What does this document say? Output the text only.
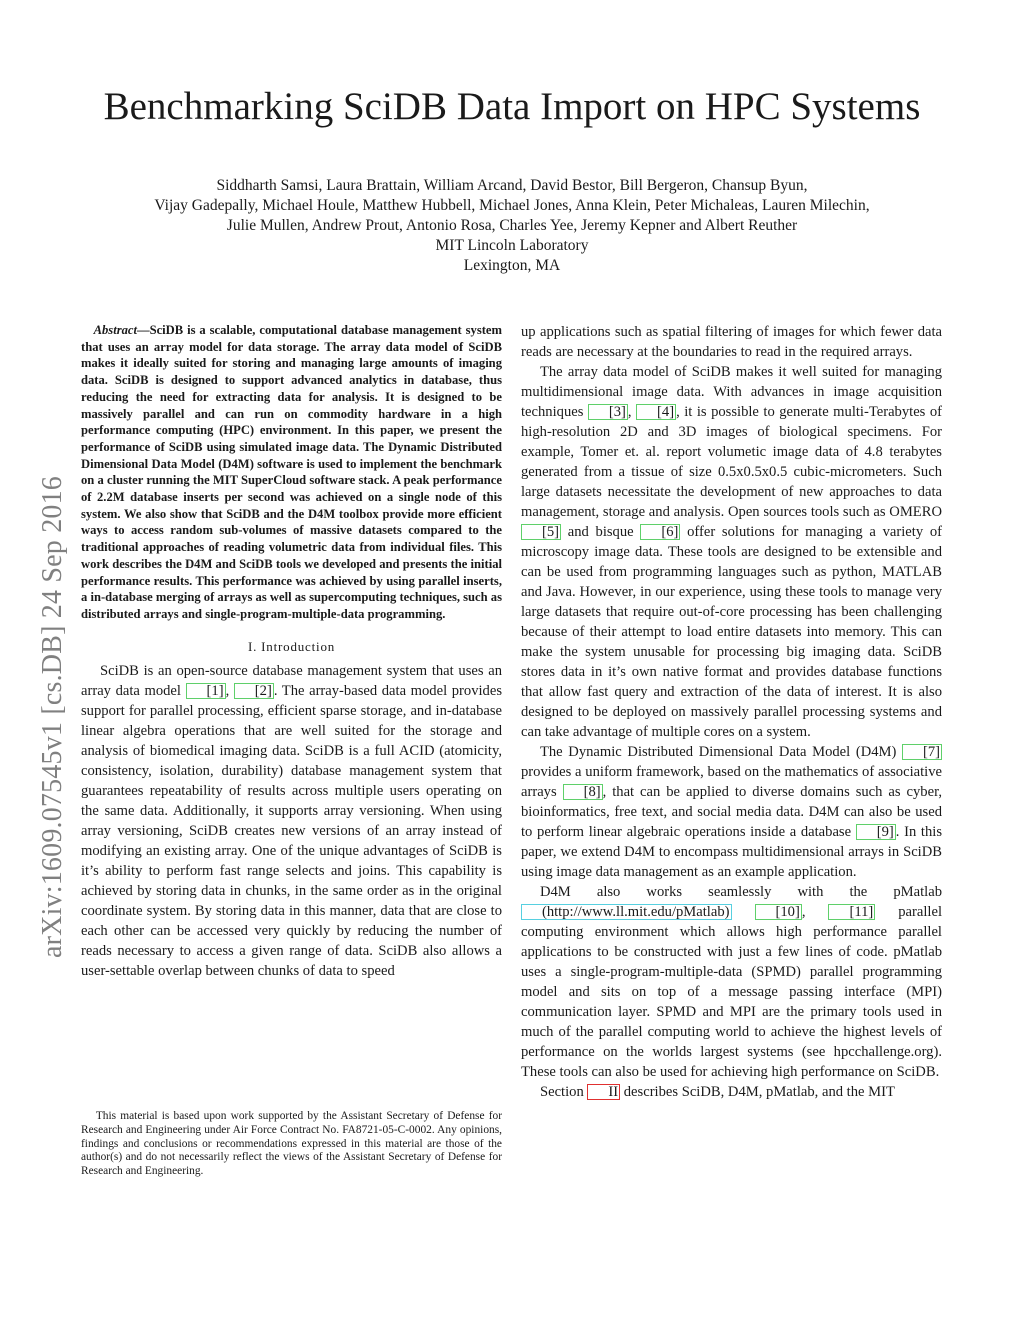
Benchmarking SciDB Data Import on HPC Systems
Siddharth Samsi, Laura Brattain, William Arcand, David Bestor, Bill Bergeron, Chansup Byun,
Vijay Gadepally, Michael Houle, Matthew Hubbell, Michael Jones, Anna Klein, Peter Michaleas, Lauren Milechin,
Julie Mullen, Andrew Prout, Antonio Rosa, Charles Yee, Jeremy Kepner and Albert Reuther
MIT Lincoln Laboratory
Lexington, MA
arXiv:1609.07545v1 [cs.DB] 24 Sep 2016
Abstract—SciDB is a scalable, computational database management system that uses an array model for data storage. The array data model of SciDB makes it ideally suited for storing and managing large amounts of imaging data. SciDB is designed to support advanced analytics in database, thus reducing the need for extracting data for analysis. It is designed to be massively parallel and can run on commodity hardware in a high performance computing (HPC) environment. In this paper, we present the performance of SciDB using simulated image data. The Dynamic Distributed Dimensional Data Model (D4M) software is used to implement the benchmark on a cluster running the MIT SuperCloud software stack. A peak performance of 2.2M database inserts per second was achieved on a single node of this system. We also show that SciDB and the D4M toolbox provide more efficient ways to access random sub-volumes of massive datasets compared to the traditional approaches of reading volumetric data from individual files. This work describes the D4M and SciDB tools we developed and presents the initial performance results. This performance was achieved by using parallel inserts, a in-database merging of arrays as well as supercomputing techniques, such as distributed arrays and single-program-multiple-data programming.
I. Introduction

SciDB is an open-source database management system that uses an array data model [1] , [2] . The array-based data model provides support for parallel processing, efficient sparse storage, and in-database linear algebra operations that are well suited for the storage and analysis of biomedical imaging data. SciDB is a full ACID (atomicity, consistency, isolation, durability) database management system that guarantees repeatability of results across multiple users operating on the same data. Additionally, it supports array versioning. When using array versioning, SciDB creates new versions of an array instead of modifying an existing array. One of the unique advantages of SciDB is it’s ability to perform fast range selects and joins. This capability is achieved by storing data in chunks, in the same order as in the original coordinate system. By storing data in this manner, data that are close to each other can be accessed very quickly by reducing the number of reads necessary to access a given range of data. SciDB also allows a user-settable overlap between chunks of data to speed

This material is based upon work supported by the Assistant Secretary of Defense for Research and Engineering under Air Force Contract No. FA8721-05-C-0002. Any opinions, findings and conclusions or recommendations expressed in this material are those of the author(s) and do not necessarily reflect the views of the Assistant Secretary of Defense for Research and Engineering.

up applications such as spatial filtering of images for which fewer data reads are necessary at the boundaries to read in the required arrays.

The array data model of SciDB makes it well suited for managing multidimensional image data. With advances in image acquisition techniques [3] , [4] , it is possible to generate multi-Terabytes of high-resolution 2D and 3D images of biological specimens. For example, Tomer et. al. report volumetic image data of 4.8 terabytes generated from a tissue of size 0.5x0.5x0.5 cubic-micrometers. Such large datasets necessitate the development of new approaches to data management, storage and analysis. Open sources tools such as OMERO [5] and bisque [6] offer solutions for managing a variety of microscopy image data. These tools are designed to be extensible and can be used from programming languages such as python, MATLAB and Java. However, in our experience, using these tools to manage very large datasets that require out-of-core processing has been challenging because of their attempt to load entire datasets into memory. This can make the system unusable for processing big imaging data. SciDB stores data in it’s own native format and provides database functions that allow fast query and extraction of the data of interest. It is also designed to be deployed on massively parallel processing systems and can take advantage of multiple cores on a system.

The Dynamic Distributed Dimensional Data Model (D4M) [7] provides a uniform framework, based on the mathematics of associative arrays [8] , that can be applied to diverse domains such as cyber, bioinformatics, free text, and social media data. D4M can also be used to perform linear algebraic operations inside a database [9] . In this paper, we extend D4M to encompass multidimensional arrays in SciDB using image data management as an example application.

D4M also works seamlessly with the pMatlab (http://www.ll.mit.edu/pMatlab)	[10] , [11] parallel computing environment which allows high performance parallel applications to be constructed with just a few lines of code. pMatlab uses a single-program-multiple-data (SPMD) parallel programming model and sits on top of a message passing interface (MPI) communication layer. SPMD and MPI are the primary tools used in much of the parallel computing world to achieve the highest levels of performance on the worlds largest systems (see hpcchallenge.org). These tools can also be used for achieving high performance on SciDB.

Section II describes SciDB, D4M, pMatlab, and the MIT
